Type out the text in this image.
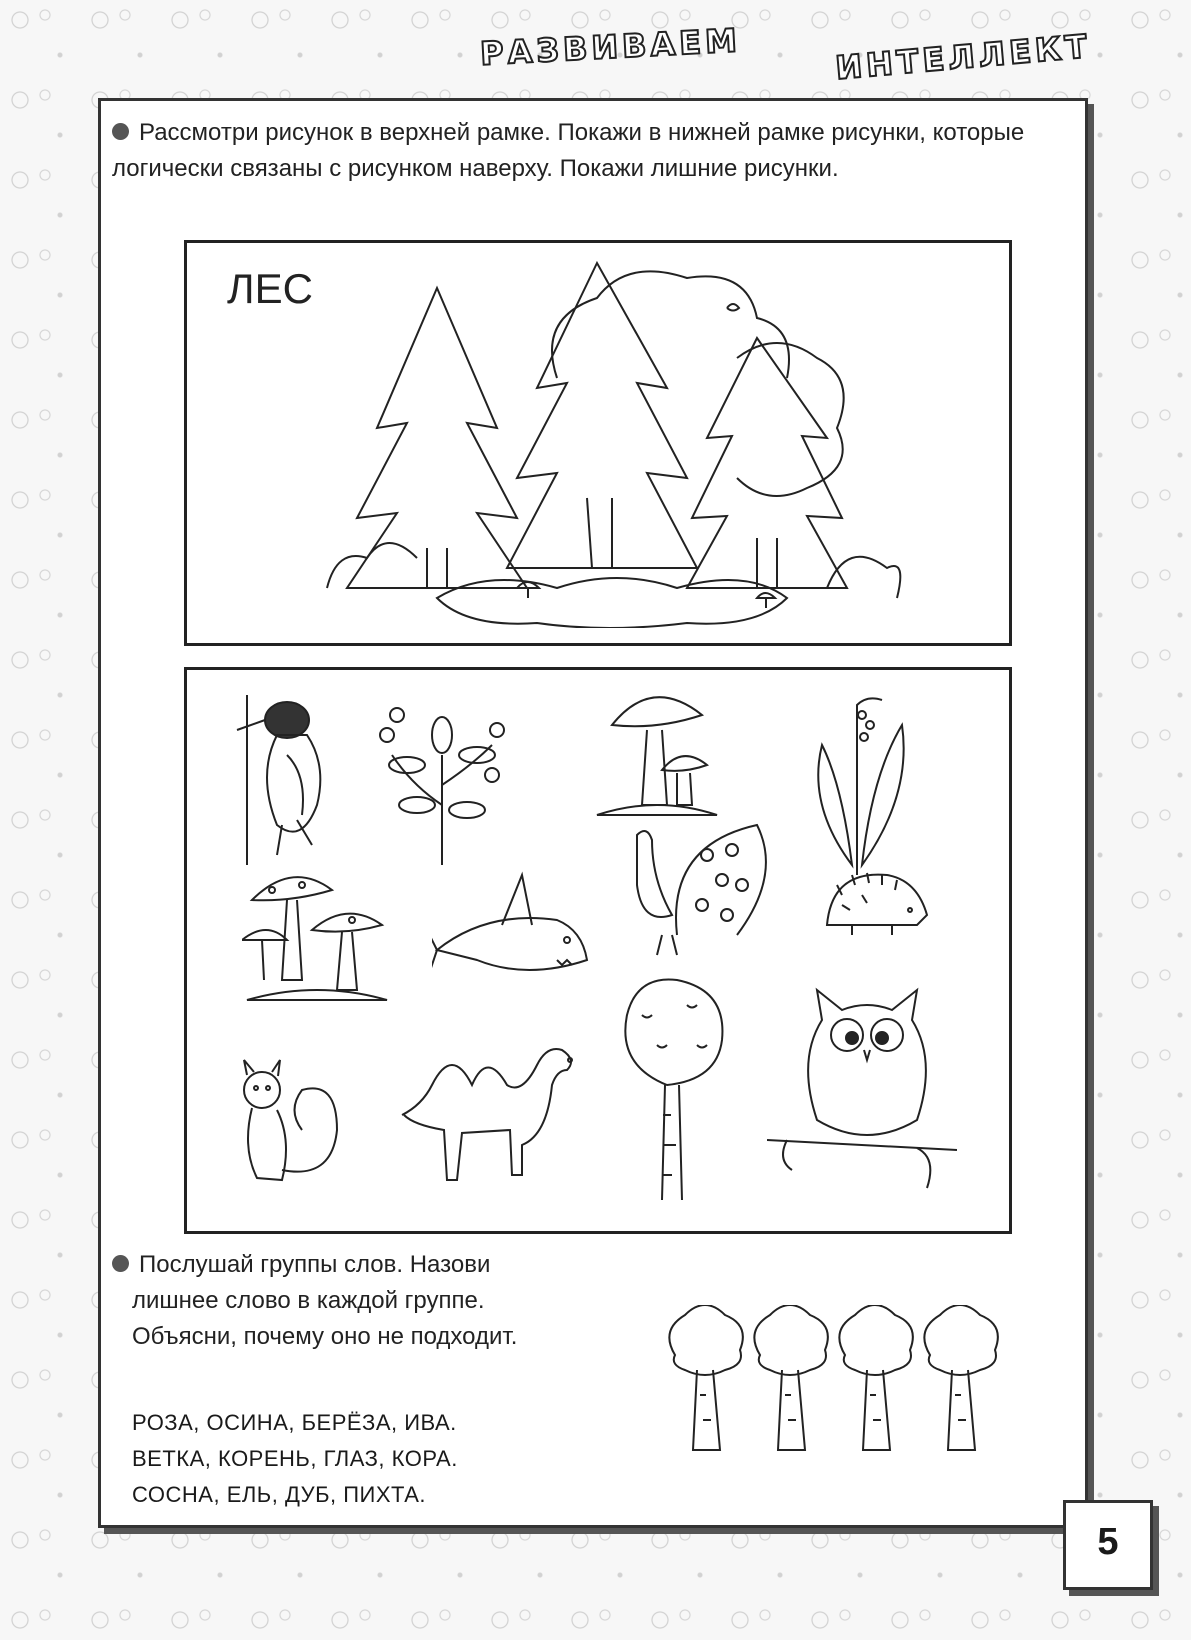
РАЗВИВАЕМ	ИНТЕЛЛЕКТ
Рассмотри рисунок в верхней рамке. Покажи в нижней рамке рисунки, которые логически связаны с рисунком наверху. Покажи лишние рисунки.
ЛЕС
Послушай группы слов. Назови
лишнее слово в каждой группе.
Объясни, почему оно не подходит.
РОЗА, ОСИНА, БЕРЁЗА, ИВА.
ВЕТКА, КОРЕНЬ, ГЛАЗ, КОРА.
СОСНА, ЕЛЬ, ДУБ, ПИХТА.
5
